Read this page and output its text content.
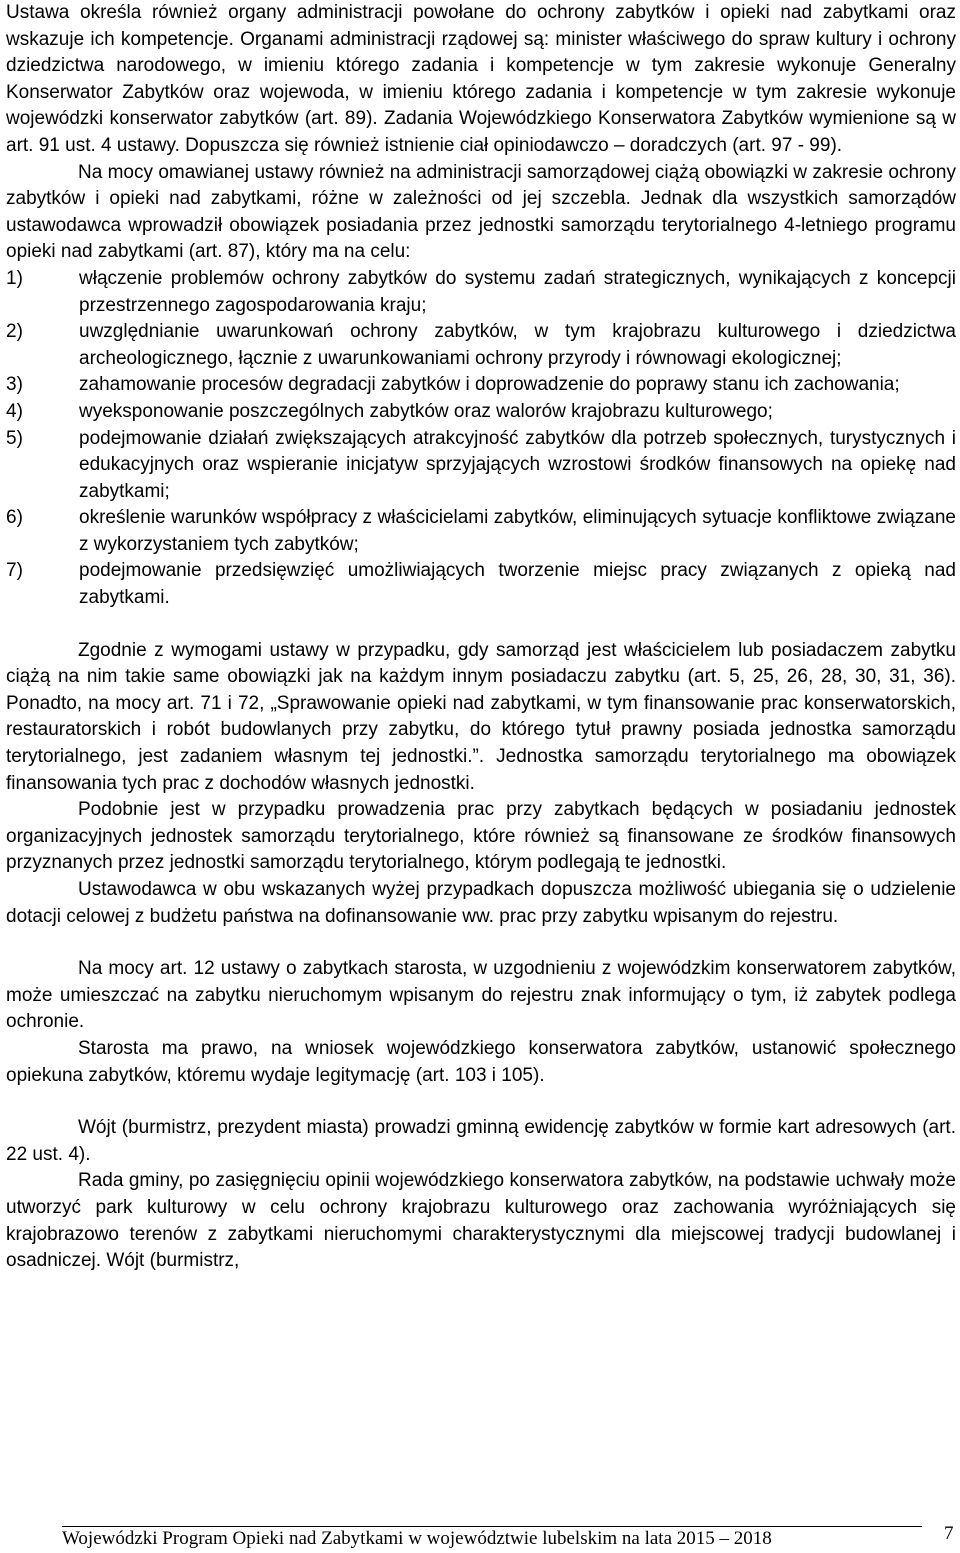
Ustawa określa również organy administracji powołane do ochrony zabytków i opieki nad zabytkami oraz wskazuje ich kompetencje. Organami administracji rządowej są: minister właściwego do spraw kultury i ochrony dziedzictwa narodowego, w imieniu którego zadania i kompetencje w tym zakresie wykonuje Generalny Konserwator Zabytków oraz wojewoda, w imieniu którego zadania i kompetencje w tym zakresie wykonuje wojewódzki konserwator zabytków (art. 89). Zadania Wojewódzkiego Konserwatora Zabytków wymienione są w art. 91 ust. 4 ustawy. Dopuszcza się również istnienie ciał opiniodawczo – doradczych (art. 97 - 99).

Na mocy omawianej ustawy również na administracji samorządowej ciążą obowiązki w zakresie ochrony zabytków i opieki nad zabytkami, różne w zależności od jej szczebla. Jednak dla wszystkich samorządów ustawodawca wprowadził obowiązek posiadania przez jednostki samorządu terytorialnego 4-letniego programu opieki nad zabytkami (art. 87), który ma na celu:

1)	włączenie problemów ochrony zabytków do systemu zadań strategicznych, wynikających z koncepcji przestrzennego zagospodarowania kraju;
2)	uwzględnianie uwarunkowań ochrony zabytków, w tym krajobrazu kulturowego i dziedzictwa archeologicznego, łącznie z uwarunkowaniami ochrony przyrody i równowagi ekologicznej;
3)	zahamowanie procesów degradacji zabytków i doprowadzenie do poprawy stanu ich zachowania;
4)	wyeksponowanie poszczególnych zabytków oraz walorów krajobrazu kulturowego;
5)	podejmowanie działań zwiększających atrakcyjność zabytków dla potrzeb społecznych, turystycznych i edukacyjnych oraz wspieranie inicjatyw sprzyjających wzrostowi środków finansowych na opiekę nad zabytkami;
6)	określenie warunków współpracy z właścicielami zabytków, eliminujących sytuacje konfliktowe związane z wykorzystaniem tych zabytków;
7)	podejmowanie przedsięwzięć umożliwiających tworzenie miejsc pracy związanych z opieką nad zabytkami.

Zgodnie z wymogami ustawy w przypadku, gdy samorząd jest właścicielem lub posiadaczem zabytku ciążą na nim takie same obowiązki jak na każdym innym posiadaczu zabytku (art. 5, 25, 26, 28, 30, 31, 36). Ponadto, na mocy art. 71 i 72, „Sprawowanie opieki nad zabytkami, w tym finansowanie prac konserwatorskich, restauratorskich i robót budowlanych przy zabytku, do którego tytuł prawny posiada jednostka samorządu terytorialnego, jest zadaniem własnym tej jednostki.”. Jednostka samorządu terytorialnego ma obowiązek finansowania tych prac z dochodów własnych jednostki.

Podobnie jest w przypadku prowadzenia prac przy zabytkach będących w posiadaniu jednostek organizacyjnych jednostek samorządu terytorialnego, które również są finansowane ze środków finansowych przyznanych przez jednostki samorządu terytorialnego, którym podlegają te jednostki.

Ustawodawca w obu wskazanych wyżej przypadkach dopuszcza możliwość ubiegania się o udzielenie dotacji celowej z budżetu państwa na dofinansowanie ww. prac przy zabytku wpisanym do rejestru.

Na mocy art. 12 ustawy o zabytkach starosta, w uzgodnieniu z wojewódzkim konserwatorem zabytków, może umieszczać na zabytku nieruchomym wpisanym do rejestru znak informujący o tym, iż zabytek podlega ochronie.

Starosta ma prawo, na wniosek wojewódzkiego konserwatora zabytków, ustanowić społecznego opiekuna zabytków, któremu wydaje legitymację (art. 103 i 105).

Wójt (burmistrz, prezydent miasta) prowadzi gminną ewidencję zabytków w formie kart adresowych (art. 22 ust. 4).

Rada gminy, po zasięgnięciu opinii wojewódzkiego konserwatora zabytków, na podstawie uchwały może utworzyć park kulturowy w celu ochrony krajobrazu kulturowego oraz zachowania wyróżniających się krajobrazowo terenów z zabytkami nieruchomymi charakterystycznymi dla miejscowej tradycji budowlanej i osadniczej. Wójt (burmistrz,

Wojewódzki Program Opieki nad Zabytkami w województwie lubelskim na lata 2015 – 2018	7
